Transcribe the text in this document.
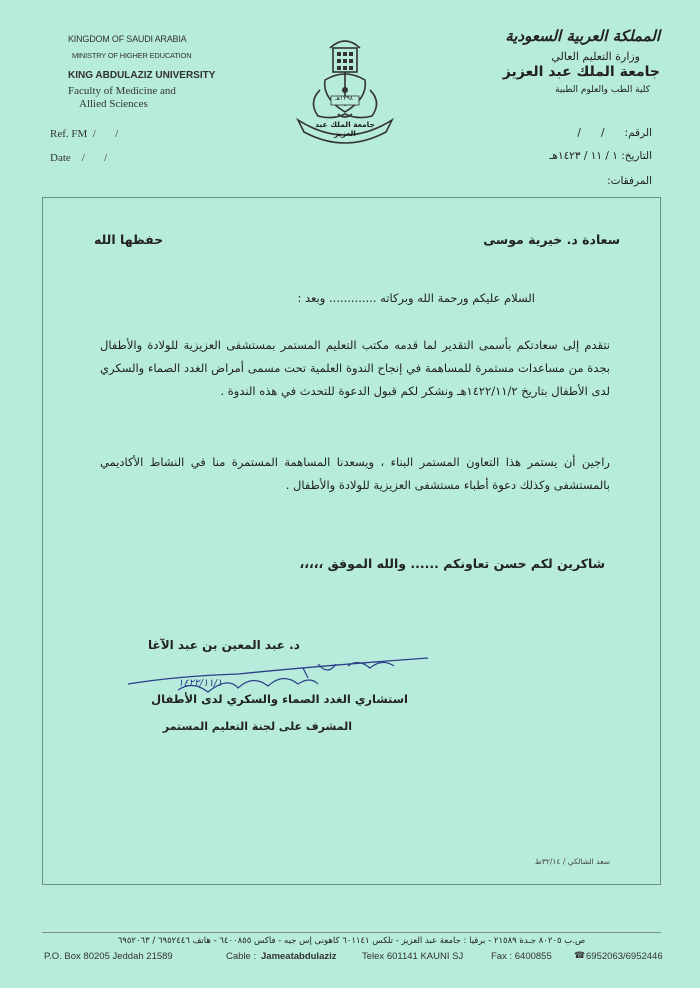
KINGDOM OF SAUDI ARABIA
MINISTRY OF HIGHER EDUCATION
KING ABDULAZIZ UNIVERSITY
Faculty of Medicine and
Allied Sciences
Ref. FM  /       /
Date    /       /
١٣٩٨هـ
جامعة الملك عبد العزيز
المملكة العربية السعودية
وزارة التعليم العالي
جامعة الملك عبد العزيز
كلية الطب والعلوم الطبية
الرقم:      /      /
التاريخ: ١ / ١١ / ١٤٢٣هـ
المرفقات:
سعادة د. خيرية موسى
حفظها الله
السلام عليكم ورحمة الله وبركاته ............. وبعد :
نتقدم إلى سعادتكم بأسمى التقدير لما قدمه مكتب التعليم المستمر بمستشفى العزيزية للولادة والأطفال بجدة من مساعدات مستمرة للمساهمة في إنجاح الندوة العلمية تحت مسمى أمراض الغدد الصماء والسكري لدى الأطفال بتاريخ ١٤٢٢/١١/٢هـ ونشكر لكم قبول الدعوة للتحدث في هذه الندوة .
راجين أن يستمر هذا التعاون المستمر البناء ، ويسعدنا المساهمة المستمرة منا في النشاط الأكاديمي بالمستشفى وكذلك دعوة أطباء مستشفى العزيزية للولادة والأطفال .
شاكرين لكم حسن تعاونكم ...... والله الموفق ،،،،،
د. عبد المعين بن عبد الآغا
١٤٢٢/١١/١
استشاري الغدد الصماء والسكري لدى الأطفال
المشرف على لجنة التعليم المستمر
سعد الشالكي / ٣٢/١٤ط
ص.ب ٨٠٢٠٥ جـدة ٢١٥٨٩ - برقيا : جامعة عبد العزيز - تلكس ٦٠١١٤١ كاهونى إس جيه - فاكس ٦٤٠٠٨٥٥ - هاتف ٦٩٥٢٤٤٦ / ٦٩٥٢٠٦٣
P.O. Box 80205 Jeddah 21589	Cable : Jameatabdulaziz	Telex 601141 KAUNI SJ	Fax : 6400855 ☎ 6952063/6952446
